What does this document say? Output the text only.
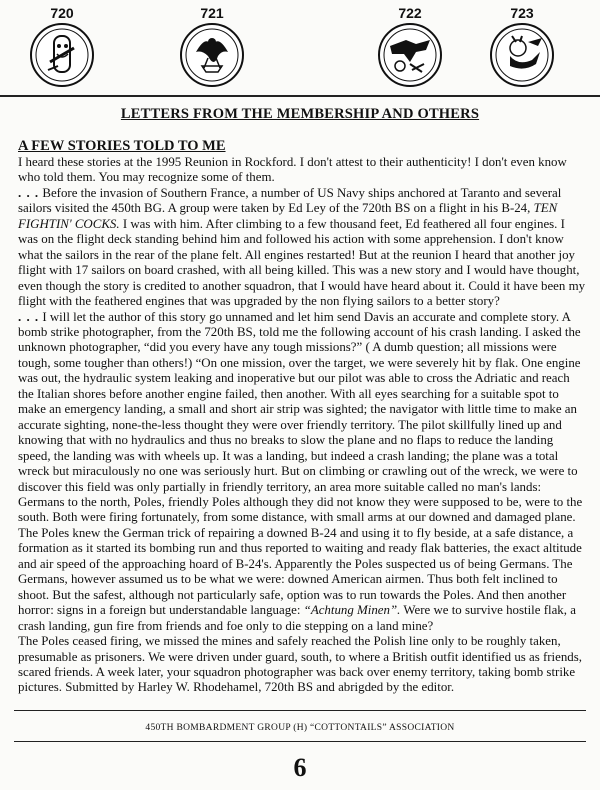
720	721	722	723
LETTERS FROM THE MEMBERSHIP AND OTHERS
A FEW STORIES TOLD TO ME

I heard these stories at the 1995 Reunion in Rockford. I don't attest to their authenticity! I don't even know who told them. You may recognize some of them.

. . . Before the invasion of Southern France, a number of US Navy ships anchored at Taranto and several sailors visited the 450th BG. A group were taken by Ed Ley of the 720th BS on a flight in his B-24, TEN FIGHTIN' COCKS. I was with him. After climbing to a few thousand feet, Ed feathered all four engines. I was on the flight deck standing behind him and followed his action with some apprehension. I don't know what the sailors in the rear of the plane felt. All engines restarted! But at the reunion I heard that another joy flight with 17 sailors on board crashed, with all being killed. This was a new story and I would have thought, even though the story is credited to another squadron, that I would have heard about it. Could it have been my flight with the feathered engines that was upgraded by the non flying sailors to a better story?

. . . I will let the author of this story go unnamed and let him send Davis an accurate and complete story. A bomb strike photographer, from the 720th BS, told me the following account of his crash landing. I asked the unknown photographer, “did you every have any tough missions?” ( A dumb question; all missions were tough, some tougher than others!) “On one mission, over the target, we were severely hit by flak. One engine was out, the hydraulic system leaking and inoperative but our pilot was able to cross the Adriatic and reach the Italian shores before another engine failed, then another. With all eyes searching for a suitable spot to make an emergency landing, a small and short air strip was sighted; the navigator with little time to make an accurate sighting, none-the-less thought they were over friendly territory. The pilot skillfully lined up and knowing that with no hydraulics and thus no breaks to slow the plane and no flaps to reduce the landing speed, the landing was with wheels up. It was a landing, but indeed a crash landing; the plane was a total wreck but miraculously no one was seriously hurt. But on climbing or crawling out of the wreck, we were to discover this field was only partially in friendly territory, an area more suitable called no man's lands: Germans to the north, Poles, friendly Poles although they did not know they were supposed to be, were to the south. Both were firing fortunately, from some distance, with small arms at our downed and damaged plane. The Poles knew the German trick of repairing a downed B-24 and using it to fly beside, at a safe distance, a formation as it started its bombing run and thus reported to waiting and ready flak batteries, the exact altitude and air speed of the approaching hoard of B-24's. Apparently the Poles suspected us of being Germans. The Germans, however assumed us to be what we were: downed American airmen. Thus both felt inclined to shoot. But the safest, although not particularly safe, option was to run towards the Poles. And then another horror: signs in a foreign but understandable language: “Achtung Minen”. Were we to survive hostile flak, a crash landing, gun fire from friends and foe only to die stepping on a land mine?

The Poles ceased firing, we missed the mines and safely reached the Polish line only to be roughly taken, presumable as prisoners. We were driven under guard, south, to where a British outfit identified us as friends, scared friends. A week later, your squadron photographer was back over enemy territory, taking bomb strike pictures. Submitted by Harley W. Rhodehamel, 720th BS and abrigded by the editor.

450TH BOMBARDMENT GROUP (H) “COTTONTAILS” ASSOCIATION
6
